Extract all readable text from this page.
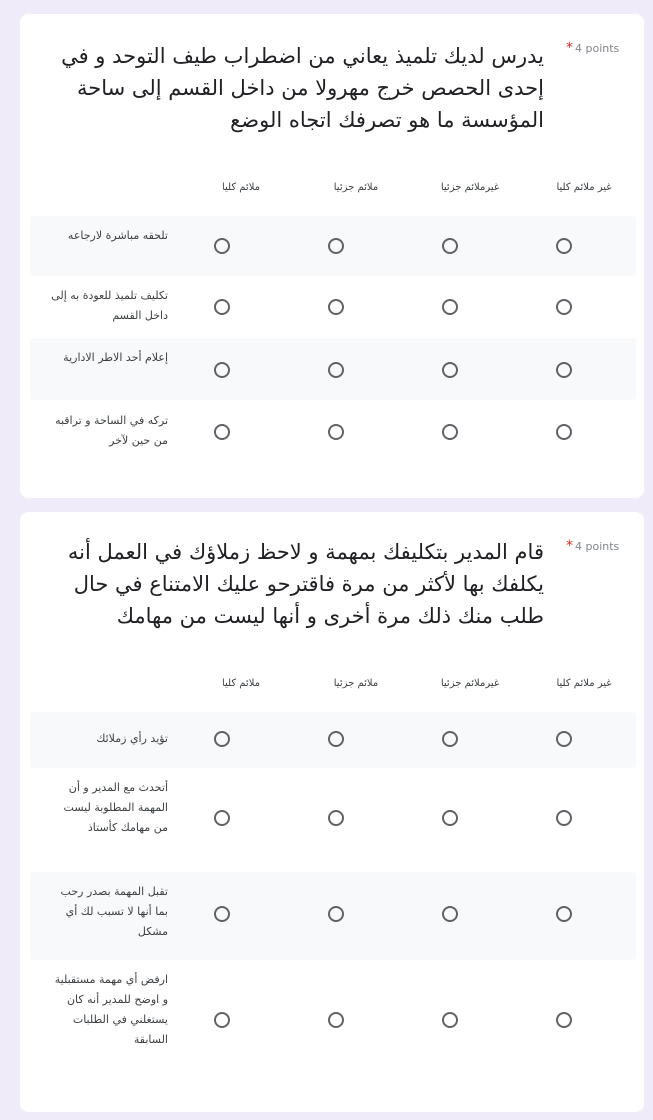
* 4 points
يدرس لديك تلميذ يعاني من اضطراب طيف التوحد و في إحدى الحصص خرج مهرولا من داخل القسم إلى ساحة المؤسسة ما هو تصرفك اتجاه الوضع
ملائم كليا	ملائم جزئيا	غيرملائم جزئيا	غير ملائم كليا
تلحقه مباشرة لارجاعه
تكليف تلميذ للعودة به إلى داخل القسم
إعلام أحد الاطر الادارية
تركه في الساحة و تراقبه من حين لآخر
* 4 points
قام المدير بتكليفك بمهمة و لاحظ زملاؤك في العمل أنه يكلفك بها لأكثر من مرة فاقترحو عليك الامتناع في حال طلب منك ذلك مرة أخرى و أنها ليست من مهامك
ملائم كليا	ملائم جزئيا	غيرملائم جزئيا	غير ملائم كليا
تؤيد رأي زملائك
أتحدث مع المدير و أن المهمة المطلوبة ليست من مهامك كأستاذ
تقبل المهمة بصدر رحب بما أنها لا تسبب لك أي مشكل
ارفض أي مهمة مستقبلية و اوضح للمدير أنه كان يستغلني في الطلبات السابقة
